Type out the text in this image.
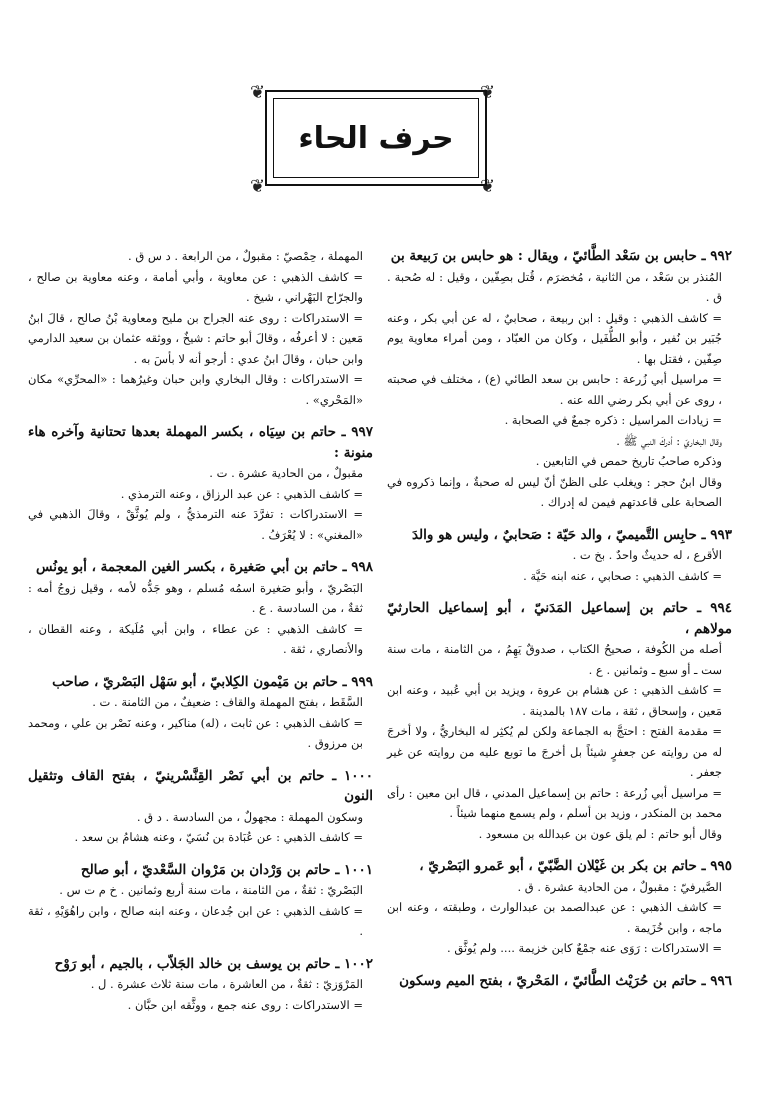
❦	❦
❦	❦
حرف الحاء

٩٩٢ ـ حابس بن سَعْد الطَّائيّ ، ويقال : هو حابس بن رَبيعة بن

المُنذر بن سَعْد ، من الثانية ، مُخضرَم ، قُتل بصِفّين ، وقيل : له صُحبة . ق .

= كاشف الذهبي : وقيل : ابن ربيعة ، صحابيٌ ، له عن أبي بكر ، وعنه جُبَير بن نُفير ، وأبو الطُّفَيل ، وكان من العبّاد ، ومن أمراء معاوية يوم صِفّين ، فقتل بها .

= مراسيل أبي زُرعة : حابس بن سعد الطائي (ع) ، مختلف في صحبته ، روى عن أبي بكر رضي الله عنه .

= زيادات المراسيل : ذكره جمعٌ في الصحابة .

وقال البخاريّ : أدركَ النبي ﷺ .

وذكره صاحبُ تاريخ حمص في التابعين .

وقال ابنُ حجر : ويغلب على الظنّ أنّ ليس له صحبةٌ ، وإنما ذكروه في الصحابة على قاعدتهم فيمن له إدراك .

٩٩٣ ـ حابِس التَّميميّ ، والد حَيّة : صَحابيٌ ، وليس هو والدَ

الأقرع ، له حديثٌ واحدٌ . بخ ت .

= كاشف الذهبي : صحابي ، عنه ابنه حَيَّة .

٩٩٤ ـ حاتم بن إسماعيل المَدَنيّ ، أبو إسماعيل الحارثيّ مولاهم ،

أصله من الكُوفة ، صحيحُ الكتاب ، صدوقٌ يَهِمُ ، من الثامنة ، مات سنة ست ـ أو سبع ـ وثمانين . ع .

= كاشف الذهبي : عن هشام بن عروة ، ويزيد بن أبي عُبيد ، وعنه ابن مَعين ، وإسحاق ، ثقة ، مات ١٨٧ بالمدينة .

= مقدمة الفتح : احتجَّ به الجماعة ولكن لم يُكثِر له البخاريُّ ، ولا أخرجَ له من روايته عن جعفرٍ شيئاً بل أخرجَ ما توبع عليه من روايته عن غير جعفر .

= مراسيل أبي زُرعة : حاتم بن إسماعيل المدني ، قال ابن معين : رأى محمد بن المنكدر ، وزيد بن أسلم ، ولم يسمع منهما شيئاً .

وقال أبو حاتم : لم يلق عون بن عبدالله بن مسعود .

٩٩٥ ـ حاتم بن بكر بن غَيْلان الضَّبّيّ ، أبو عَمرو البَصْريّ ،

الصَّيرفيّ : مقبولٌ ، من الحادية عشرة . ق .

= كاشف الذهبي : عن عبدالصمد بن عبدالوارث ، وطبقته ، وعنه ابن ماجه ، وابن خُزَيمة .

= الاستدراكات : رَوَى عنه جمْعٌ كابن خزيمة .... ولم يُوثَّق .

٩٩٦ ـ حاتم بن حُرَيْث الطَّائيّ ، المَحْريّ ، بفتح الميم وسكون

المهملة ، حِمْصيّ : مقبولٌ ، من الرابعة . د س ق .

= كاشف الذهبي : عن معاوية ، وأبي أمامة ، وعنه معاوية بن صالح ، والجرّاح البَهْراني ، شيخ .

= الاستدراكات : روى عنه الجراح بن مليح ومعاوية بْنُ صالح ، قالَ ابنُ مَعين : لا أعرفُه ، وقالَ أبو حاتم : شيخٌ ، ووثقه عثمان بن سعيد الدارمي وابن حبان ، وقالَ ابنُ عدي : أرجو أنه لا بأسَ به .

= الاستدراكات : وقال البخاري وابن حبان وغيرُهما : «المحرِّي» مكان «المَحْري» .

٩٩٧ ـ حاتم بن سِيَاه ، بكسر المهملة بعدها تحتانية وآخره هاء منونة :

مقبولٌ ، من الحادية عشرة . ت .

= كاشف الذهبي : عن عبد الرزاق ، وعنه الترمذي .

= الاستدراكات : تفرَّدَ عنه الترمذيُّ ، ولم يُوثَّقْ ، وقالَ الذهبي في «المغني» : لا يُعْرَفُ .

٩٩٨ ـ حاتم بن أبي صَغيرة ، بكسر الغين المعجمة ، أبو يونُس

البَصْريّ ، وأبو صَغيرة اسمُه مُسلم ، وهو جَدُّه لأمه ، وقيل زوجُ أمه : ثقةٌ ، من السادسة . ع .

= كاشف الذهبي : عن عطاء ، وابن أبي مُلَيكة ، وعنه القطان ، والأنصاري ، ثقة .

٩٩٩ ـ حاتم بن مَيْمون الكِلابيّ ، أبو سَهْل البَصْريّ ، صاحب

السَّقَط ، بفتح المهملة والقاف : ضعيفٌ ، من الثامنة . ت .

= كاشف الذهبي : عن ثابت ، (له) مناكير ، وعنه نَصْر بن علي ، ومحمد بن مرزوق .

١٠٠٠ ـ حاتم بن أبي نَصْر القِنَّسْرينيّ ، بفتح القاف وتثقيل النون

وسكون المهملة : مجهولٌ ، من السادسة . د ق .

= كاشف الذهبي : عن عُبَادة بن نُسَيّ ، وعنه هشامُ بن سعد .

١٠٠١ ـ حاتم بن وَرْدان بن مَرْوان السَّعْديّ ، أبو صالح

البَصْريّ : ثقةٌ ، من الثامنة ، مات سنة أربع وثمانين . خ م ت س .

= كاشف الذهبي : عن ابن جُدعان ، وعنه ابنه صالح ، وابن راهُوَيْهِ ، ثقة .

١٠٠٢ ـ حاتم بن يوسف بن خالد الجَلاّب ، بالجيم ، أبو رَوْح

المَرْوَزيّ : ثقةٌ ، من العاشرة ، مات سنة ثلاث عشرة . ل .

= الاستدراكات : روى عنه جمع ، ووثَّقه ابن حبَّان .
